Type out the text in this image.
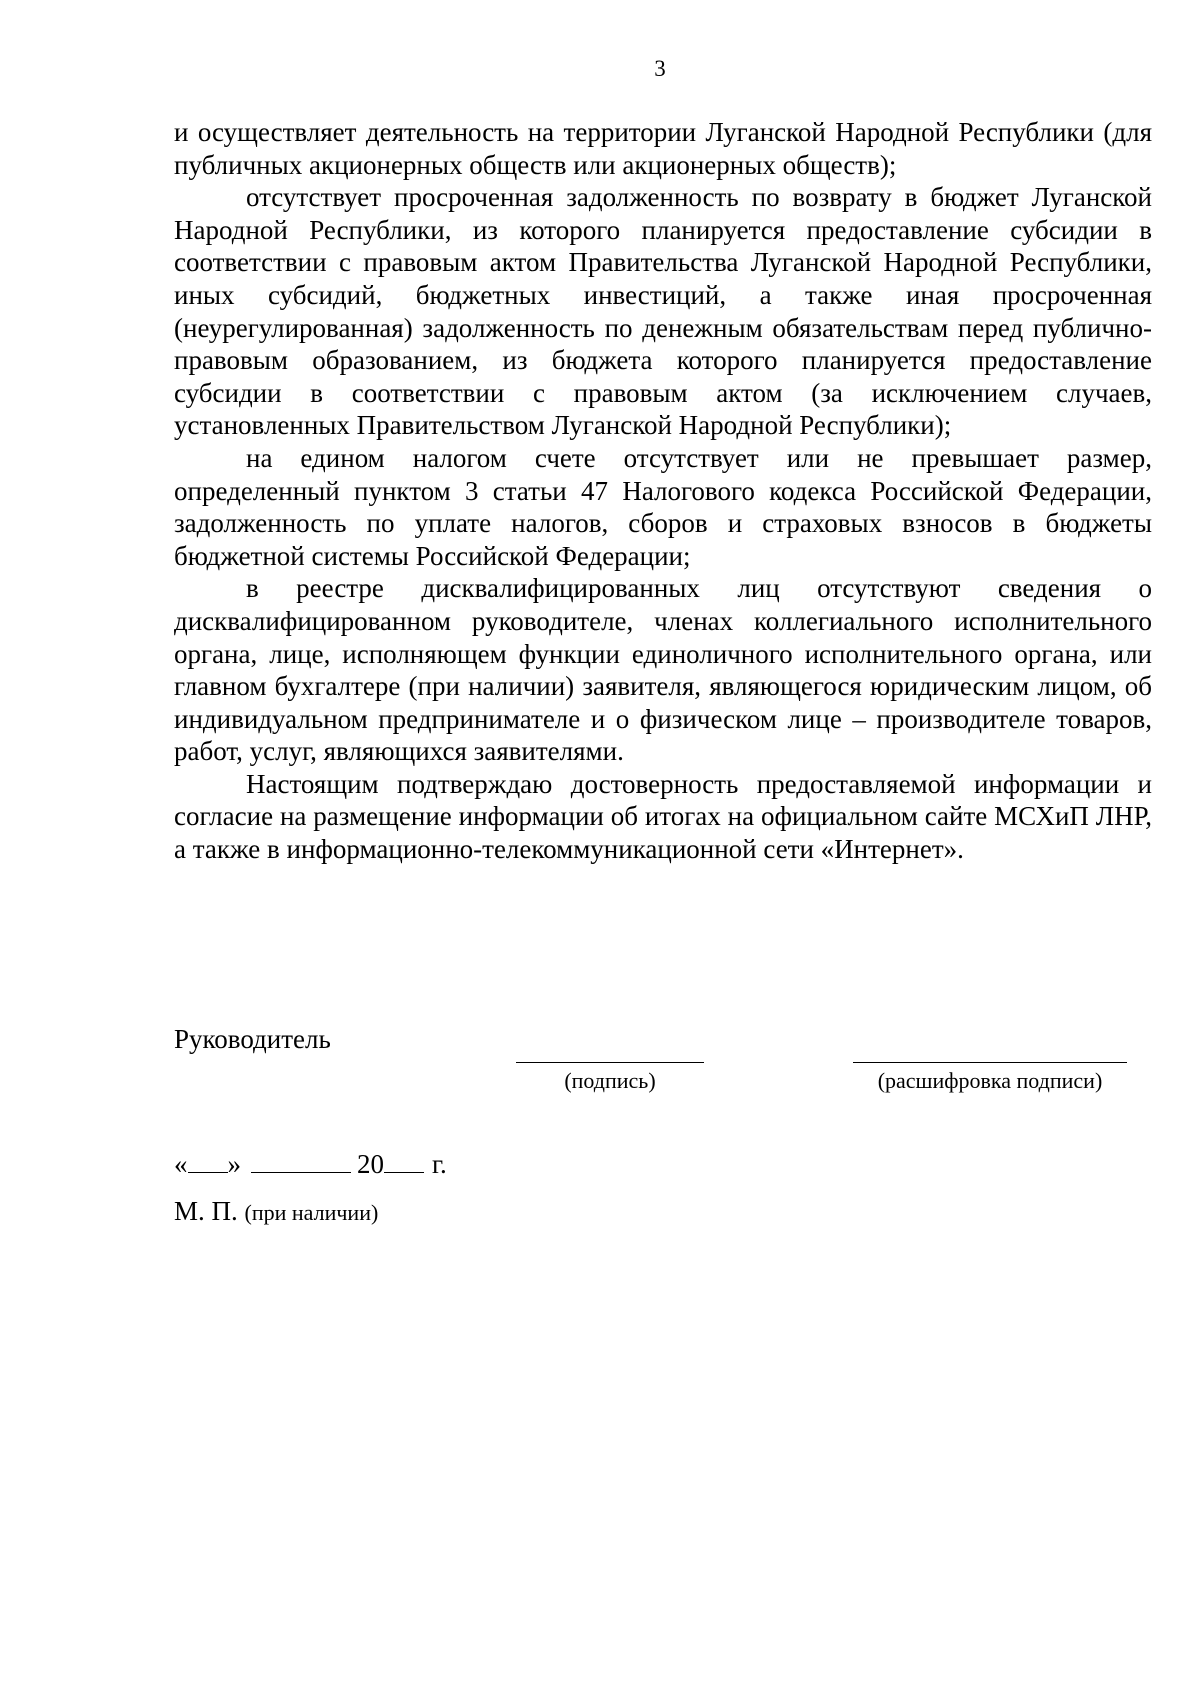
3

и осуществляет деятельность на территории Луганской Народной Республики (для публичных акционерных обществ или акционерных обществ);

отсутствует просроченная задолженность по возврату в бюджет Луганской Народной Республики, из которого планируется предоставление субсидии в соответствии с правовым актом Правительства Луганской Народной Республики, иных субсидий, бюджетных инвестиций, а также иная просроченная (неурегулированная) задолженность по денежным обязательствам перед публично-правовым образованием, из бюджета которого планируется предоставление субсидии в соответствии с правовым актом (за исключением случаев, установленных Правительством Луганской Народной Республики);

на едином налогом счете отсутствует или не превышает размер, определенный пунктом 3 статьи 47 Налогового кодекса Российской Федерации, задолженность по уплате налогов, сборов и страховых взносов в бюджеты бюджетной системы Российской Федерации;

в реестре дисквалифицированных лиц отсутствуют сведения о дисквалифицированном руководителе, членах коллегиального исполнительного органа, лице, исполняющем функции единоличного исполнительного органа, или главном бухгалтере (при наличии) заявителя, являющегося юридическим лицом, об индивидуальном предпринимателе и о физическом лице – производителе товаров, работ, услуг, являющихся заявителями.

Настоящим подтверждаю достоверность предоставляемой информации и согласие на размещение информации об итогах на официальном сайте МСХиП ЛНР, а также в информационно-телекоммуникационной сети «Интернет».

Руководитель

(подпись)	(расшифровка подписи)

« »	20 г.

М. П. (при наличии)
